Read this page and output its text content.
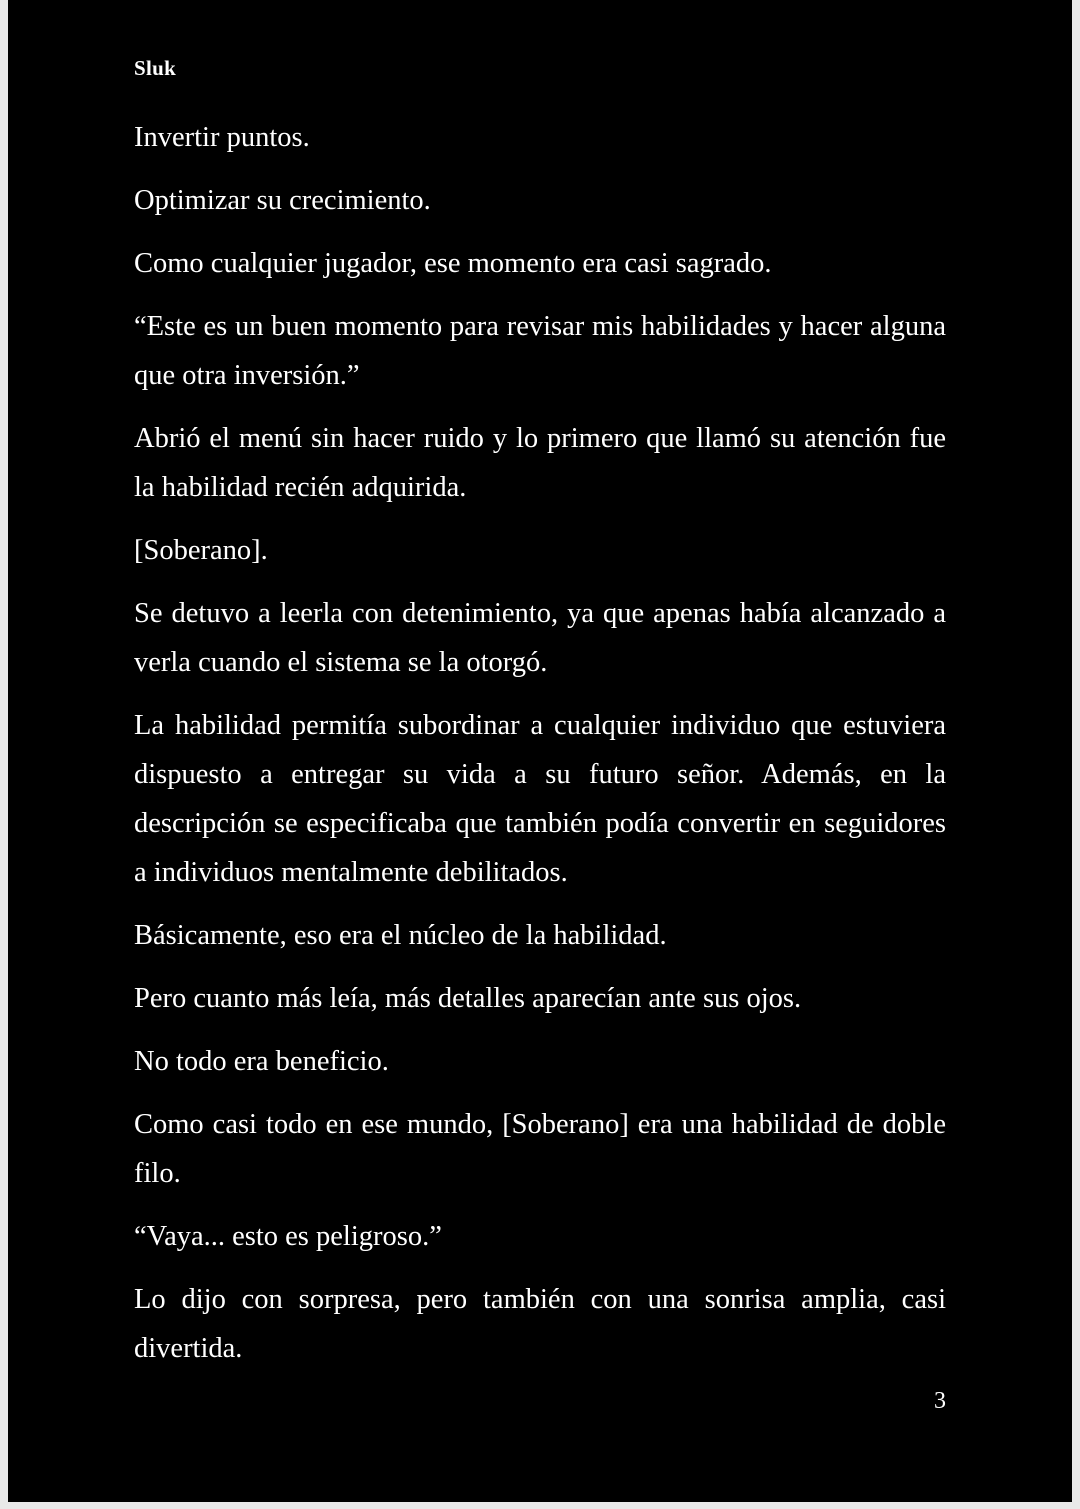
Sluk

Invertir puntos.

Optimizar su crecimiento.

Como cualquier jugador, ese momento era casi sagrado.

“Este es un buen momento para revisar mis habilidades y hacer alguna que otra inversión.”

Abrió el menú sin hacer ruido y lo primero que llamó su atención fue la habilidad recién adquirida.

[Soberano].

Se detuvo a leerla con detenimiento, ya que apenas había alcanzado a verla cuando el sistema se la otorgó.

La habilidad permitía subordinar a cualquier individuo que estuviera dispuesto a entregar su vida a su futuro señor. Además, en la descripción se especificaba que también podía convertir en seguidores a individuos mentalmente debilitados.

Básicamente, eso era el núcleo de la habilidad.

Pero cuanto más leía, más detalles aparecían ante sus ojos.

No todo era beneficio.

Como casi todo en ese mundo, [Soberano] era una habilidad de doble filo.

“Vaya... esto es peligroso.”

Lo dijo con sorpresa, pero también con una sonrisa amplia, casi divertida.

3
